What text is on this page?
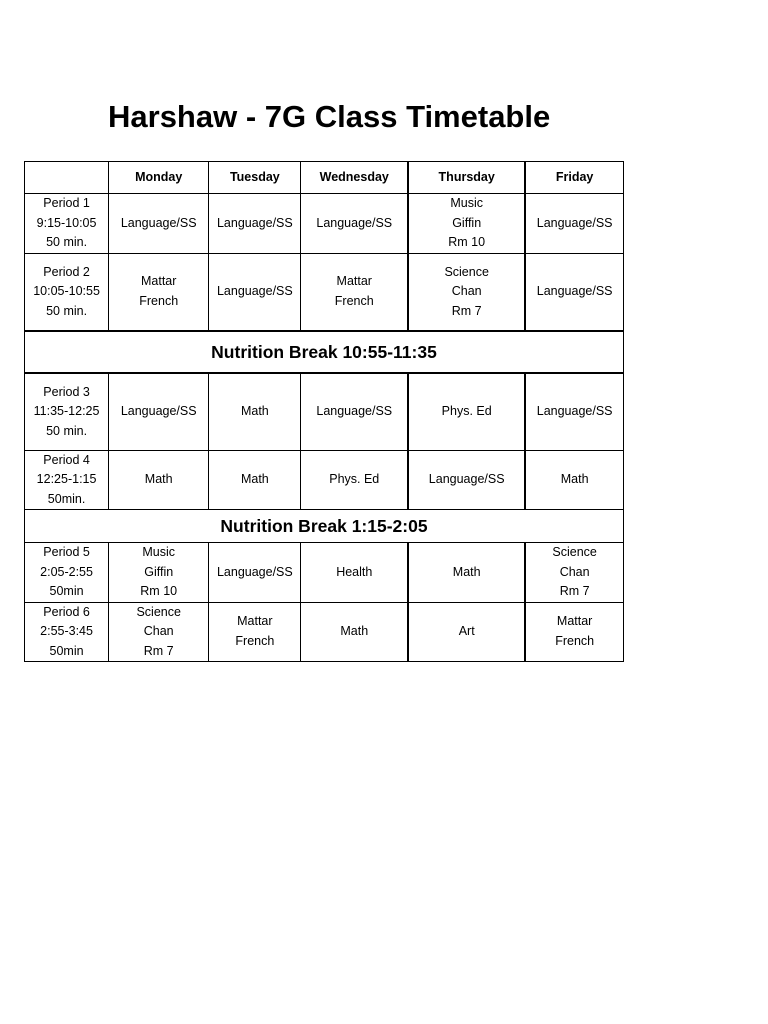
Harshaw - 7G Class Timetable
	Monday	Tuesday	Wednesday	Thursday	Friday

Period 1
9:15-10:05
50 min.	Language/SS	Language/SS	Language/SS	Music
Giffin
Rm 10	Language/SS

Period 2
10:05-10:55
50 min.	Mattar
French	Language/SS	Mattar
French	Science
Chan
Rm 7	Language/SS

Nutrition Break 10:55-11:35					

Period 3
11:35-12:25
50 min.	Language/SS	Math	Language/SS	Phys. Ed	Language/SS

Period 4
12:25-1:15
50min.	Math	Math	Phys. Ed	Language/SS	Math

Nutrition Break 1:15-2:05					

Period 5
2:05-2:55
50min	Music
Giffin
Rm 10	Language/SS	Health	Math	Science
Chan
Rm 7

Period 6
2:55-3:45
50min	Science
Chan
Rm 7	Mattar
French	Math	Art	Mattar
French
